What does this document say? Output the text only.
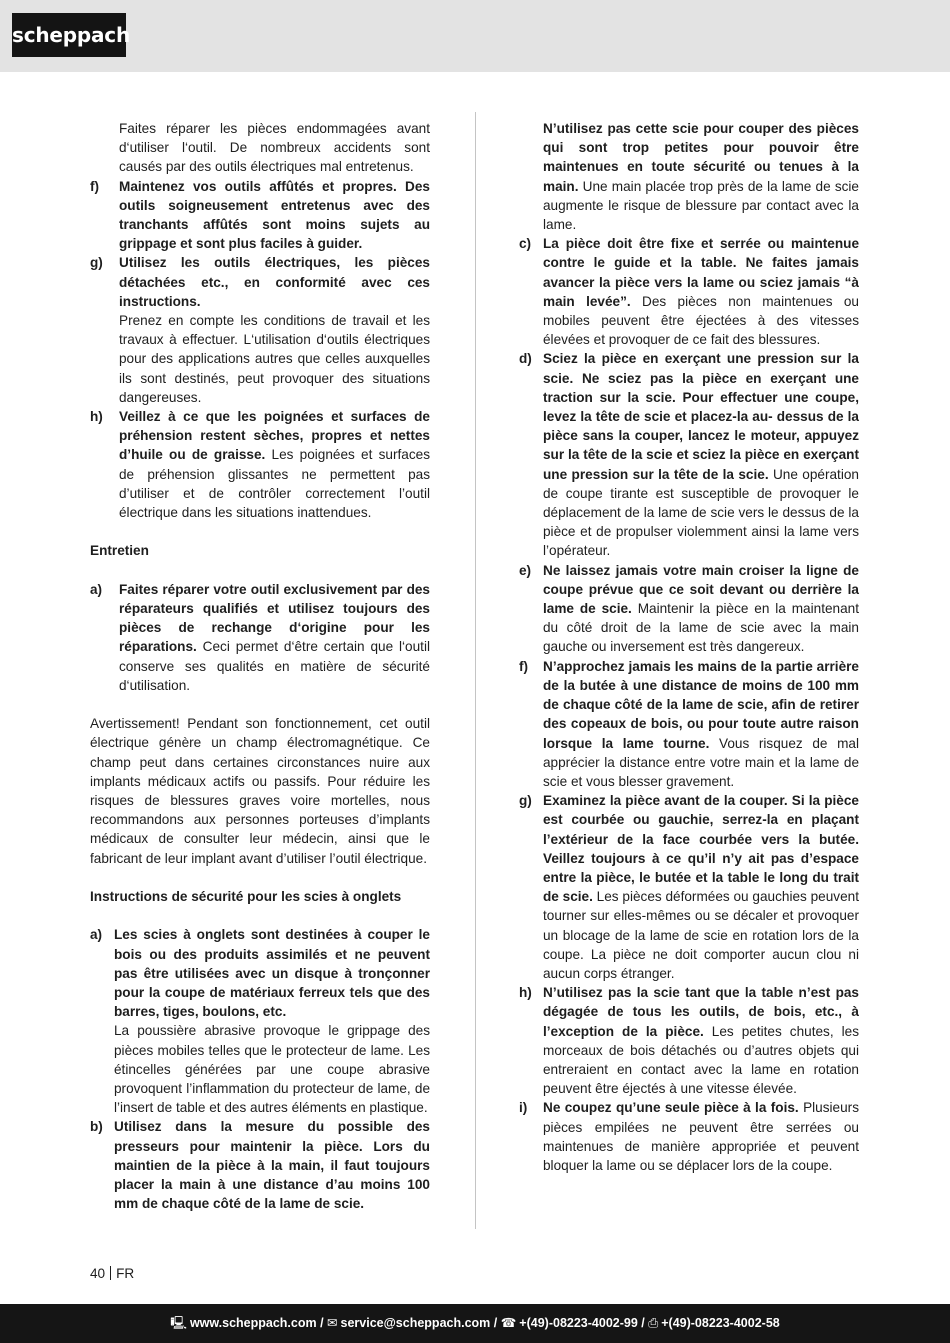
scheppach

Faites réparer les pièces endommagées avant d‘utiliser l‘outil. De nombreux accidents sont causés par des outils électriques mal entretenus.

f)	Maintenez vos outils affûtés et propres. Des outils soigneusement entretenus avec des tranchants affûtés sont moins sujets au grippage et sont plus faciles à guider.

g)	Utilisez les outils électriques, les pièces détachées etc., en conformité avec ces instructions.

Prenez en compte les conditions de travail et les travaux à effectuer. L‘utilisation d‘outils électriques pour des applications autres que celles auxquelles ils sont destinés, peut provoquer des situations dangereuses.

h)	Veillez à ce que les poignées et surfaces de préhension restent sèches, propres et nettes d’huile ou de graisse. Les poignées et surfaces de préhension glissantes ne permettent pas d’utiliser et de contrôler correctement l’outil électrique dans les situations inattendues.

Entretien

a)	Faites réparer votre outil exclusivement par des réparateurs qualifiés et utilisez toujours des pièces de rechange d‘origine pour les réparations. Ceci permet d‘être certain que l‘outil conserve ses qualités en matière de sécurité d‘utilisation.

Avertissement! Pendant son fonctionnement, cet outil électrique génère un champ électromagnétique. Ce champ peut dans certaines circonstances nuire aux implants médicaux actifs ou passifs. Pour réduire les risques de blessures graves voire mortelles, nous recommandons aux personnes porteuses d’implants médicaux de consulter leur médecin, ainsi que le fabricant de leur implant avant d’utiliser l’outil électrique.

Instructions de sécurité pour les scies à onglets

a) Les scies à onglets sont destinées à couper le bois ou des produits assimilés et ne peuvent pas être utilisées avec un disque à tronçonner pour la coupe de matériaux ferreux tels que des barres, tiges, boulons, etc.

La poussière abrasive provoque le grippage des pièces mobiles telles que le protecteur de lame. Les étincelles générées par une coupe abrasive provoquent l’inflammation du protecteur de lame, de l’insert de table et des autres éléments en plastique.

b) Utilisez dans la mesure du possible des presseurs pour maintenir la pièce. Lors du maintien de la pièce à la main, il faut toujours placer la main à une distance d’au moins 100 mm de chaque côté de la lame de scie.

N’utilisez pas cette scie pour couper des pièces qui sont trop petites pour pouvoir être maintenues en toute sécurité ou tenues à la main. Une main placée trop près de la lame de scie augmente le risque de blessure par contact avec la lame.

c) La pièce doit être fixe et serrée ou maintenue contre le guide et la table. Ne faites jamais avancer la pièce vers la lame ou sciez jamais “à main levée”. Des pièces non maintenues ou mobiles peuvent être éjectées à des vitesses élevées et provoquer de ce fait des blessures.

d) Sciez la pièce en exerçant une pression sur la scie. Ne sciez pas la pièce en exerçant une traction sur la scie. Pour effectuer une coupe, levez la tête de scie et placez-la au- dessus de la pièce sans la couper, lancez le moteur, appuyez sur la tête de la scie et sciez la pièce en exerçant une pression sur la tête de la scie. Une opération de coupe tirante est susceptible de provoquer le déplacement de la lame de scie vers le dessus de la pièce et de propulser violemment ainsi la lame vers l’opérateur.

e) Ne laissez jamais votre main croiser la ligne de coupe prévue que ce soit devant ou derrière la lame de scie. Maintenir la pièce en la maintenant du côté droit de la lame de scie avec la main gauche ou inversement est très dangereux.

f)	N’approchez jamais les mains de la partie arrière de la butée à une distance de moins de 100 mm de chaque côté de la lame de scie, afin de retirer des copeaux de bois, ou pour toute autre raison lorsque la lame tourne. Vous risquez de mal apprécier la distance entre votre main et la lame de scie et vous blesser gravement.

g) Examinez la pièce avant de la couper. Si la pièce est courbée ou gauchie, serrez-la en plaçant l’extérieur de la face courbée vers la butée. Veillez toujours à ce qu’il n’y ait pas d’espace entre la pièce, le butée et la table le long du trait de scie. Les pièces déformées ou gauchies peuvent tourner sur elles-mêmes ou se décaler et provoquer un blocage de la lame de scie en rotation lors de la coupe. La pièce ne doit comporter aucun clou ni aucun corps étranger.

h) N’utilisez pas la scie tant que la table n’est pas dégagée de tous les outils, de bois, etc., à l’exception de la pièce. Les petites chutes, les morceaux de bois détachés ou d’autres objets qui entreraient en contact avec la lame en rotation peuvent être éjectés à une vitesse élevée.

i)	Ne coupez qu’une seule pièce à la fois. Plusieurs pièces empilées ne peuvent être serrées ou maintenues de manière appropriée et peuvent bloquer la lame ou se déplacer lors de la coupe.

40 FR
🖳︎ www.scheppach.com / ✉︎ service@scheppach.com / ☎︎ +(49)-08223-4002-99 / ⎙︎ +(49)-08223-4002-58
